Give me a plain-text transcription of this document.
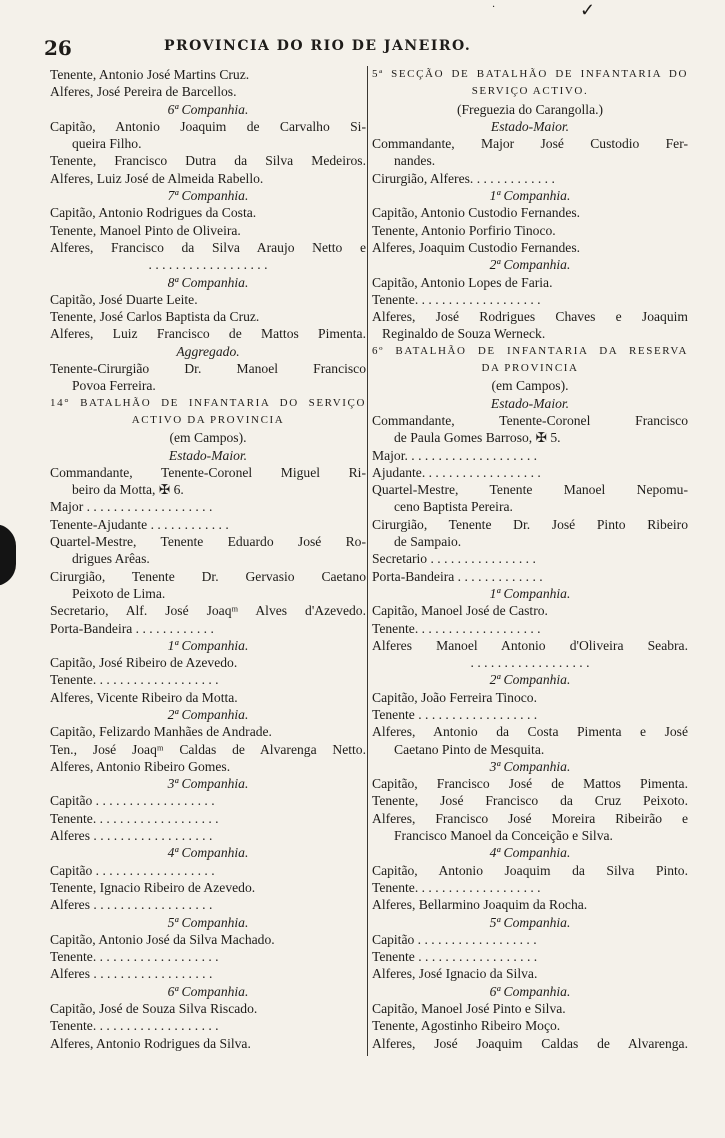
·	✓
26	PROVINCIA DO RIO DE JANEIRO.
Tenente, Antonio José Martins Cruz.
Alferes, José Pereira de Barcellos.
6ª Companhia.
Capitão, Antonio Joaquim de Carvalho Si-
queira Filho.
Tenente, Francisco Dutra da Silva Medeiros.
Alferes, Luiz José de Almeida Rabello.
7ª Companhia.
Capitão, Antonio Rodrigues da Costa.
Tenente, Manoel Pinto de Oliveira.
Alferes, Francisco da Silva Araujo Netto e
. . . . . . . . . . . . . . . . . .
8ª Companhia.
Capitão, José Duarte Leite.
Tenente, José Carlos Baptista da Cruz.
Alferes, Luiz Francisco de Mattos Pimenta.
Aggregado.
Tenente-Cirurgião Dr. Manoel Francisco
Povoa Ferreira.
14° BATALHÃO DE INFANTARIA DO SERVIÇO
ACTIVO DA PROVINCIA
(em Campos).
Estado-Maior.
Commandante, Tenente-Coronel Miguel Ri-
beiro da Motta, ✠ 6.
Major . . . . . . . . . . . . . . . . . . .
Tenente-Ajudante . . . . . . . . . . . .
Quartel-Mestre, Tenente Eduardo José Ro-
drigues Arêas.
Cirurgião, Tenente Dr. Gervasio Caetano
Peixoto de Lima.
Secretario, Alf. José Joaqᵐ Alves d'Azevedo.
Porta-Bandeira . . . . . . . . . . . .
1ª Companhia.
Capitão, José Ribeiro de Azevedo.
Tenente. . . . . . . . . . . . . . . . . . .
Alferes, Vicente Ribeiro da Motta.
2ª Companhia.
Capitão, Felizardo Manhães de Andrade.
Ten., José Joaqᵐ Caldas de Alvarenga Netto.
Alferes, Antonio Ribeiro Gomes.
3ª Companhia.
Capitão . . . . . . . . . . . . . . . . . .
Tenente. . . . . . . . . . . . . . . . . . .
Alferes . . . . . . . . . . . . . . . . . .
4ª Companhia.
Capitão . . . . . . . . . . . . . . . . . .
Tenente, Ignacio Ribeiro de Azevedo.
Alferes . . . . . . . . . . . . . . . . . .
5ª Companhia.
Capitão, Antonio José da Silva Machado.
Tenente. . . . . . . . . . . . . . . . . . .
Alferes . . . . . . . . . . . . . . . . . .
6ª Companhia.
Capitão, José de Souza Silva Riscado.
Tenente. . . . . . . . . . . . . . . . . . .
Alferes, Antonio Rodrigues da Silva.
5ª SECÇÃO DE BATALHÃO DE INFANTARIA DO
SERVIÇO ACTIVO.
(Freguezia do Carangolla.)
Estado-Maior.
Commandante, Major José Custodio Fer-
nandes.
Cirurgião, Alferes. . . . . . . . . . . . .
1ª Companhia.
Capitão, Antonio Custodio Fernandes.
Tenente, Antonio Porfirio Tinoco.
Alferes, Joaquim Custodio Fernandes.
2ª Companhia.
Capitão, Antonio Lopes de Faria.
Tenente. . . . . . . . . . . . . . . . . . .
Alferes, José Rodrigues Chaves e Joaquim
Reginaldo de Souza Werneck.
6º BATALHÃO DE INFANTARIA DA RESERVA
DA PROVINCIA
(em Campos).
Estado-Maior.
Commandante, Tenente-Coronel Francisco
de Paula Gomes Barroso, ✠ 5.
Major. . . . . . . . . . . . . . . . . . . .
Ajudante. . . . . . . . . . . . . . . . . .
Quartel-Mestre, Tenente Manoel Nepomu-
ceno Baptista Pereira.
Cirurgião, Tenente Dr. José Pinto Ribeiro
de Sampaio.
Secretario . . . . . . . . . . . . . . . .
Porta-Bandeira . . . . . . . . . . . . .
1ª Companhia.
Capitão, Manoel José de Castro.
Tenente. . . . . . . . . . . . . . . . . . .
Alferes Manoel Antonio d'Oliveira Seabra.
. . . . . . . . . . . . . . . . . .
2ª Companhia.
Capitão, João Ferreira Tinoco.
Tenente . . . . . . . . . . . . . . . . . .
Alferes, Antonio da Costa Pimenta e José
Caetano Pinto de Mesquita.
3ª Companhia.
Capitão, Francisco José de Mattos Pimenta.
Tenente, José Francisco da Cruz Peixoto.
Alferes, Francisco José Moreira Ribeirão e
Francisco Manoel da Conceição e Silva.
4ª Companhia.
Capitão, Antonio Joaquim da Silva Pinto.
Tenente. . . . . . . . . . . . . . . . . . .
Alferes, Bellarmino Joaquim da Rocha.
5ª Companhia.
Capitão . . . . . . . . . . . . . . . . . .
Tenente . . . . . . . . . . . . . . . . . .
Alferes, José Ignacio da Silva.
6ª Companhia.
Capitão, Manoel José Pinto e Silva.
Tenente, Agostinho Ribeiro Moço.
Alferes, José Joaquim Caldas de Alvarenga.
